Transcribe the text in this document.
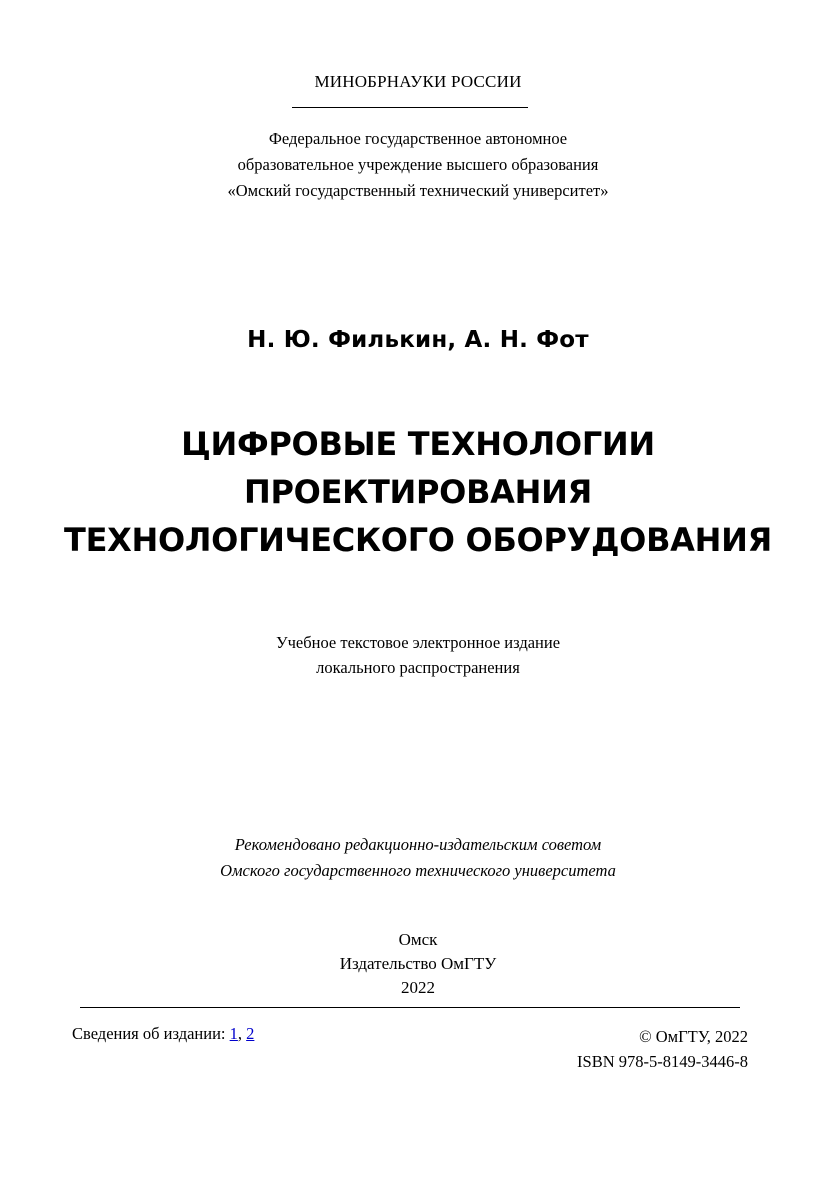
МИНОБРНАУКИ РОССИИ
Федеральное государственное автономное
образовательное учреждение высшего образования
«Омский государственный технический университет»
Н. Ю. Филькин, А. Н. Фот
ЦИФРОВЫЕ ТЕХНОЛОГИИ
ПРОЕКТИРОВАНИЯ
ТЕХНОЛОГИЧЕСКОГО ОБОРУДОВАНИЯ
Учебное текстовое электронное издание
локального распространения
Рекомендовано редакционно-издательским советом
Омского государственного технического университета
Омск
Издательство ОмГТУ
2022
Сведения об издании: 1, 2	© ОмГТУ, 2022
ISBN 978-5-8149-3446-8
